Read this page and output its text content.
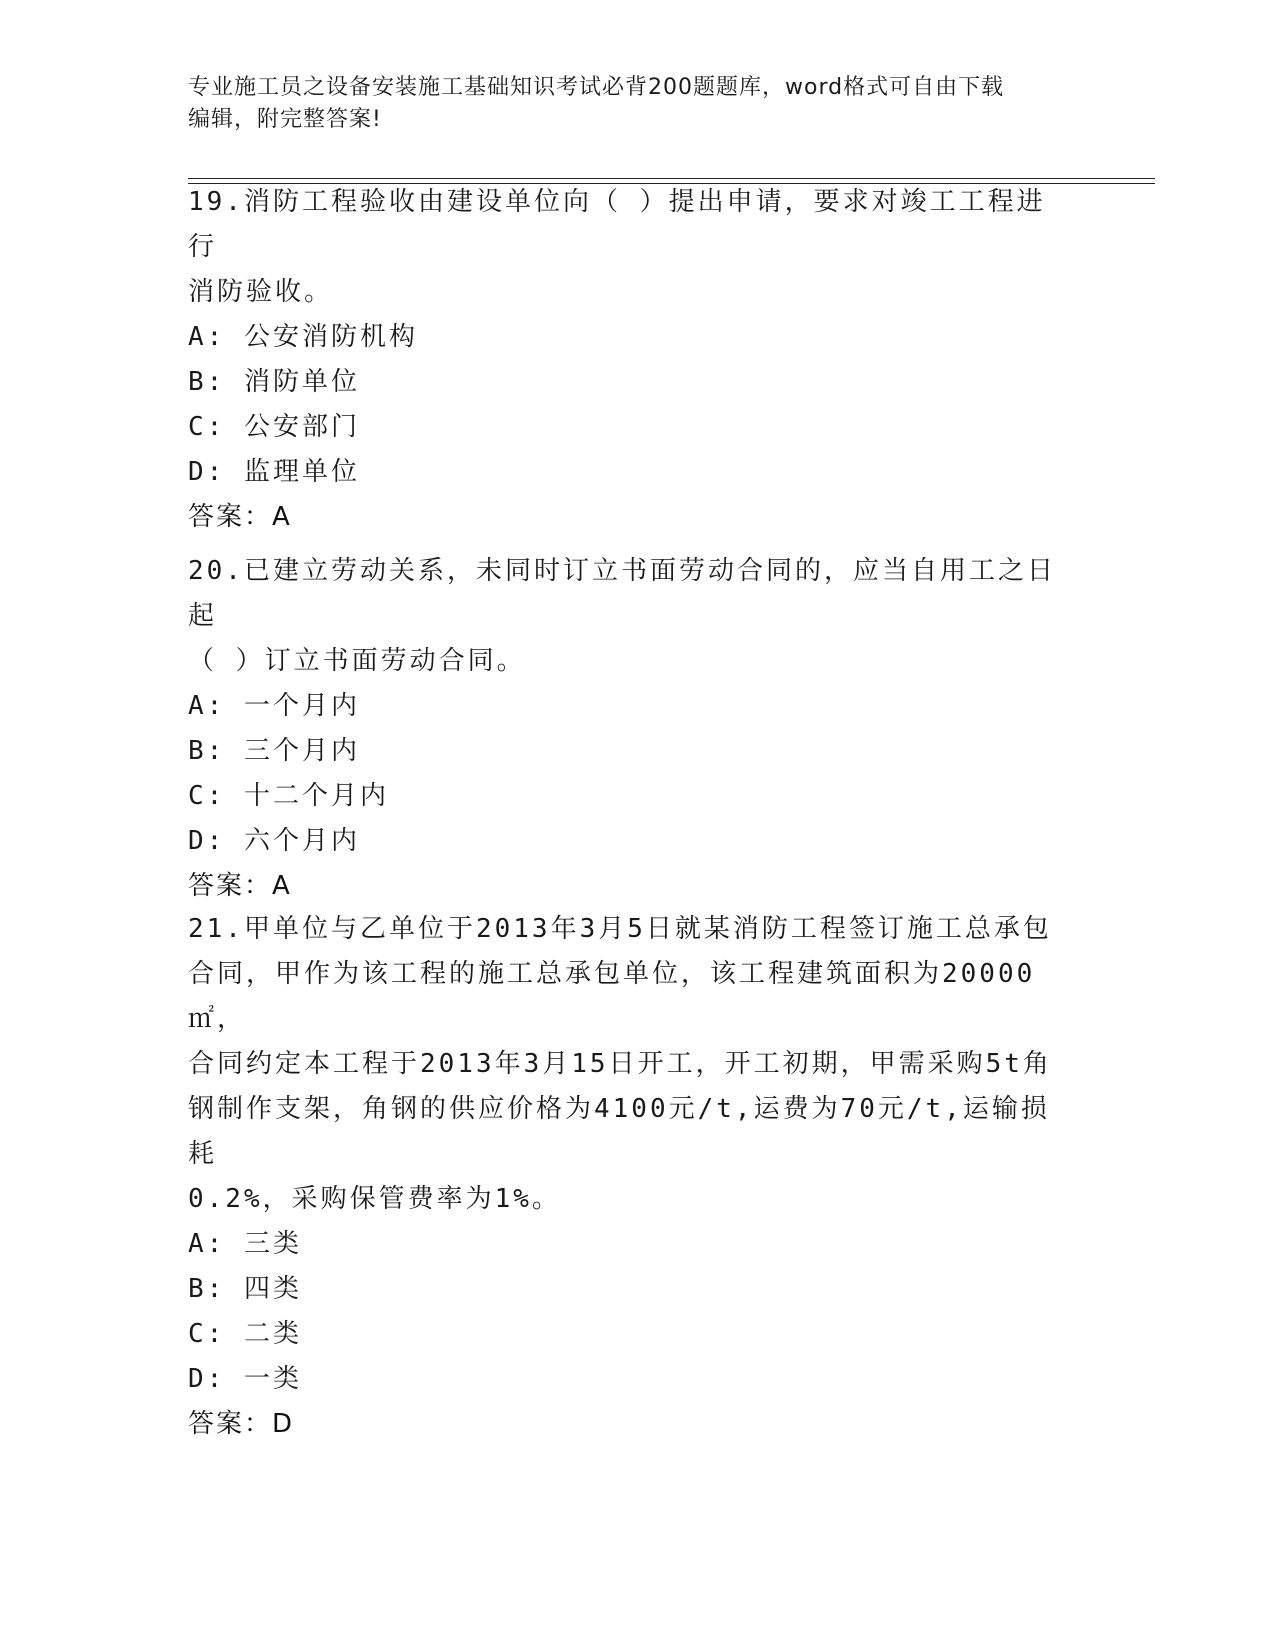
专业施工员之设备安装施工基础知识考试必背200题题库，word格式可自由下载
编辑，附完整答案!

19.消防工程验收由建设单位向（ ）提出申请，要求对竣工工程进行

消防验收。

A: 公安消防机构

B: 消防单位

C: 公安部门

D: 监理单位

答案：A

20.已建立劳动关系，未同时订立书面劳动合同的，应当自用工之日起

（ ）订立书面劳动合同。

A: 一个月内

B: 三个月内

C: 十二个月内

D: 六个月内

答案：A

21.甲单位与乙单位于2013年3月5日就某消防工程签订施工总承包

合同，甲作为该工程的施工总承包单位，该工程建筑面积为20000㎡，

合同约定本工程于2013年3月15日开工，开工初期，甲需采购5t角

钢制作支架，角钢的供应价格为4100元/t,运费为70元/t,运输损耗

0.2%，采购保管费率为1%。

A: 三类

B: 四类

C: 二类

D: 一类

答案：D
